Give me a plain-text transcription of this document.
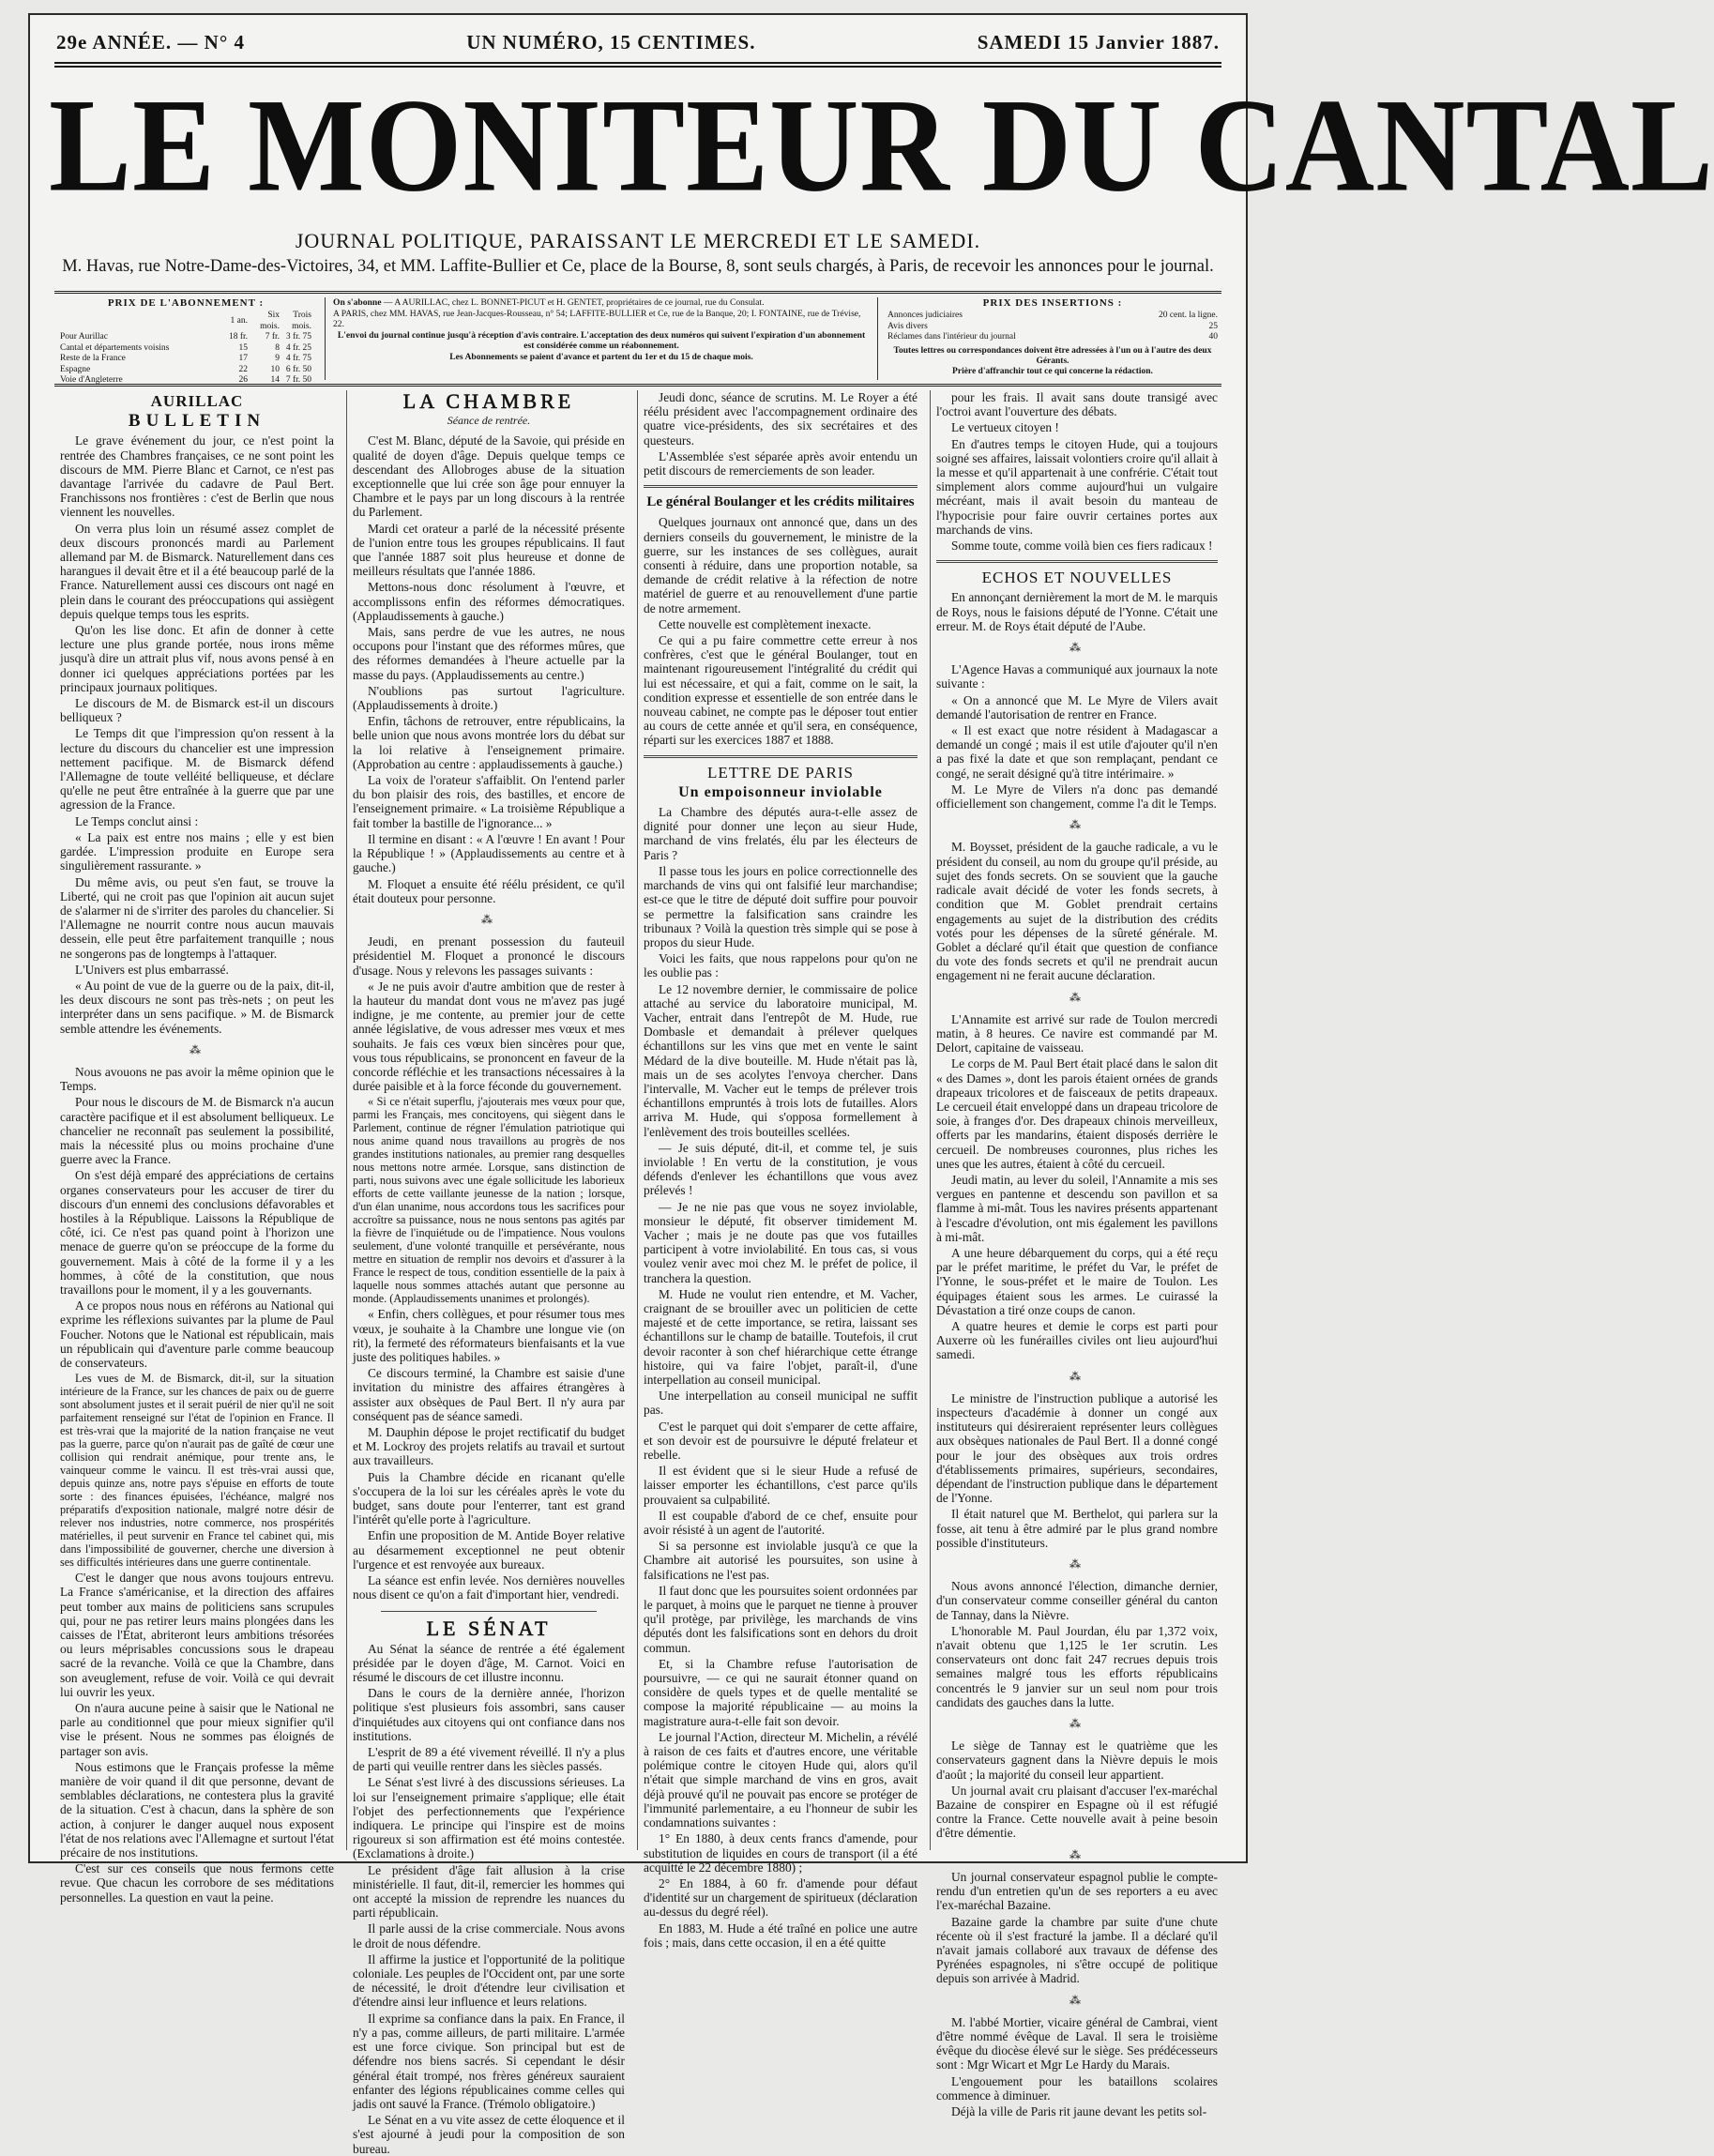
29e ANNÉE. — N° 4	UN NUMÉRO, 15 CENTIMES.	SAMEDI 15 Janvier 1887.
LE MONITEUR DU CANTAL
JOURNAL POLITIQUE, PARAISSANT LE MERCREDI ET LE SAMEDI.
M. Havas, rue Notre-Dame-des-Victoires, 34, et MM. Laffite-Bullier et Ce, place de la Bourse, 8, sont seuls chargés, à Paris, de recevoir les annonces pour le journal.
PRIX DE L'ABONNEMENT :
	1 an.	Six mois.	Trois mois.
Pour Aurillac	18 fr.	7 fr.	3 fr. 75
Cantal et départements voisins	15	8	4 fr. 25
Reste de la France	17	9	4 fr. 75
Espagne	22	10	6 fr. 50
Voie d'Angleterre	26	14	7 fr. 50
On s'abonne — A AURILLAC, chez L. BONNET-PICUT et H. GENTET, propriétaires de ce journal, rue du Consulat.
A PARIS, chez MM. HAVAS, rue Jean-Jacques-Rousseau, n° 54; LAFFITE-BULLIER et Ce, rue de la Banque, 20; I. FONTAINE, rue de Trévise, 22.
L'envoi du journal continue jusqu'à réception d'avis contraire. L'acceptation des deux numéros qui suivent l'expiration d'un abonnement est considérée comme un réabonnement.
Les Abonnements se paient d'avance et partent du 1er et du 15 de chaque mois.
PRIX DES INSERTIONS :
Annonces judiciaires	20 cent. la ligne.
Avis divers	25
Réclames dans l'intérieur du journal	40
Toutes lettres ou correspondances doivent être adressées à l'un ou à l'autre des deux Gérants.
Prière d'affranchir tout ce qui concerne la rédaction.
AURILLAC
BULLETIN

Le grave événement du jour, ce n'est point la rentrée des Chambres françaises, ce ne sont point les discours de MM. Pierre Blanc et Carnot, ce n'est pas davantage l'arrivée du cadavre de Paul Bert. Franchissons nos frontières : c'est de Berlin que nous viennent les nouvelles.

On verra plus loin un résumé assez complet de deux discours prononcés mardi au Parlement allemand par M. de Bismarck. Naturellement dans ces harangues il devait être et il a été beaucoup parlé de la France. Naturellement aussi ces discours ont nagé en plein dans le courant des préoccupations qui assiègent depuis quelque temps tous les esprits.

Qu'on les lise donc. Et afin de donner à cette lecture une plus grande portée, nous irons même jusqu'à dire un attrait plus vif, nous avons pensé à en donner ici quelques appréciations portées par les principaux journaux politiques.

Le discours de M. de Bismarck est-il un discours belliqueux ?

Le Temps dit que l'impression qu'on ressent à la lecture du discours du chancelier est une impression nettement pacifique. M. de Bismarck défend l'Allemagne de toute velléité belliqueuse, et déclare qu'elle ne peut être entraînée à la guerre que par une agression de la France.

Le Temps conclut ainsi :

« La paix est entre nos mains ; elle y est bien gardée. L'impression produite en Europe sera singulièrement rassurante. »

Du même avis, ou peut s'en faut, se trouve la Liberté, qui ne croit pas que l'opinion ait aucun sujet de s'alarmer ni de s'irriter des paroles du chancelier. Si l'Allemagne ne nourrit contre nous aucun mauvais dessein, elle peut être parfaitement tranquille ; nous ne songerons pas de longtemps à l'attaquer.

L'Univers est plus embarrassé.

« Au point de vue de la guerre ou de la paix, dit-il, les deux discours ne sont pas très-nets ; on peut les interpréter dans un sens pacifique. » M. de Bismarck semble attendre les événements.

⁂

Nous avouons ne pas avoir la même opinion que le Temps.

Pour nous le discours de M. de Bismarck n'a aucun caractère pacifique et il est absolument belliqueux. Le chancelier ne reconnaît pas seulement la possibilité, mais la nécessité plus ou moins prochaine d'une guerre avec la France.

On s'est déjà emparé des appréciations de certains organes conservateurs pour les accuser de tirer du discours d'un ennemi des conclusions défavorables et hostiles à la République. Laissons la République de côté, ici. Ce n'est pas quand point à l'horizon une menace de guerre qu'on se préoccupe de la forme du gouvernement. Mais à côté de la forme il y a les hommes, à côté de la constitution, que nous travaillons pour le moment, il y a les gouvernants.

A ce propos nous nous en référons au National qui exprime les réflexions suivantes par la plume de Paul Foucher. Notons que le National est républicain, mais un républicain qui d'aventure parle comme beaucoup de conservateurs.

Les vues de M. de Bismarck, dit-il, sur la situation intérieure de la France, sur les chances de paix ou de guerre sont absolument justes et il serait puéril de nier qu'il ne soit parfaitement renseigné sur l'état de l'opinion en France. Il est très-vrai que la majorité de la nation française ne veut pas la guerre, parce qu'on n'aurait pas de gaîté de cœur une collision qui rendrait anémique, pour trente ans, le vainqueur comme le vaincu. Il est très-vrai aussi que, depuis quinze ans, notre pays s'épuise en efforts de toute sorte : des finances épuisées, l'échéance, malgré nos préparatifs d'exposition nationale, malgré notre désir de relever nos industries, notre commerce, nos prospérités matérielles, il peut survenir en France tel cabinet qui, mis dans l'impossibilité de gouverner, cherche une diversion à ses difficultés intérieures dans une guerre continentale.

C'est le danger que nous avons toujours entrevu. La France s'américanise, et la direction des affaires peut tomber aux mains de politiciens sans scrupules qui, pour ne pas retirer leurs mains plongées dans les caisses de l'État, abriteront leurs ambitions trésorées ou leurs méprisables concussions sous le drapeau sacré de la revanche. Voilà ce que la Chambre, dans son aveuglement, refuse de voir. Voilà ce qui devrait lui ouvrir les yeux.

On n'aura aucune peine à saisir que le National ne parle au conditionnel que pour mieux signifier qu'il vise le présent. Nous ne sommes pas éloignés de partager son avis.

Nous estimons que le Français professe la même manière de voir quand il dit que personne, devant de semblables déclarations, ne contestera plus la gravité de la situation. C'est à chacun, dans la sphère de son action, à conjurer le danger auquel nous exposent l'état de nos relations avec l'Allemagne et surtout l'état précaire de nos institutions.

C'est sur ces conseils que nous fermons cette revue. Que chacun les corrobore de ses méditations personnelles. La question en vaut la peine.

LA CHAMBRE
Séance de rentrée.

C'est M. Blanc, député de la Savoie, qui préside en qualité de doyen d'âge. Depuis quelque temps ce descendant des Allobroges abuse de la situation exceptionnelle que lui crée son âge pour ennuyer la Chambre et le pays par un long discours à la rentrée du Parlement.

Mardi cet orateur a parlé de la nécessité présente de l'union entre tous les groupes républicains. Il faut que l'année 1887 soit plus heureuse et donne de meilleurs résultats que l'année 1886.

Mettons-nous donc résolument à l'œuvre, et accomplissons enfin des réformes démocratiques. (Applaudissements à gauche.)

Mais, sans perdre de vue les autres, ne nous occupons pour l'instant que des réformes mûres, que des réformes demandées à l'heure actuelle par la masse du pays. (Applaudissements au centre.)

N'oublions pas surtout l'agriculture. (Applaudissements à droite.)

Enfin, tâchons de retrouver, entre républicains, la belle union que nous avons montrée lors du débat sur la loi relative à l'enseignement primaire. (Approbation au centre : applaudissements à gauche.)

La voix de l'orateur s'affaiblit. On l'entend parler du bon plaisir des rois, des bastilles, et encore de l'enseignement primaire. « La troisième République a fait tomber la bastille de l'ignorance... »

Il termine en disant : « A l'œuvre ! En avant ! Pour la République ! » (Applaudissements au centre et à gauche.)

M. Floquet a ensuite été réélu président, ce qu'il était douteux pour personne.

⁂

Jeudi, en prenant possession du fauteuil présidentiel M. Floquet a prononcé le discours d'usage. Nous y relevons les passages suivants :

« Je ne puis avoir d'autre ambition que de rester à la hauteur du mandat dont vous ne m'avez pas jugé indigne, je me contente, au premier jour de cette année législative, de vous adresser mes vœux et mes souhaits. Je fais ces vœux bien sincères pour que, vous tous républicains, se prononcent en faveur de la concorde réfléchie et les transactions nécessaires à la durée paisible et à la force féconde du gouvernement.

« Si ce n'était superflu, j'ajouterais mes vœux pour que, parmi les Français, mes concitoyens, qui siègent dans le Parlement, continue de régner l'émulation patriotique qui nous anime quand nous travaillons au progrès de nos grandes institutions nationales, au premier rang desquelles nous mettons notre armée. Lorsque, sans distinction de parti, nous suivons avec une égale sollicitude les laborieux efforts de cette vaillante jeunesse de la nation ; lorsque, d'un élan unanime, nous accordons tous les sacrifices pour accroître sa puissance, nous ne nous sentons pas agités par la fièvre de l'inquiétude ou de l'impatience. Nous voulons seulement, d'une volonté tranquille et persévérante, nous mettre en situation de remplir nos devoirs et d'assurer à la France le respect de tous, condition essentielle de la paix à laquelle nous sommes attachés autant que personne au monde. (Applaudissements unanimes et prolongés).

« Enfin, chers collègues, et pour résumer tous mes vœux, je souhaite à la Chambre une longue vie (on rit), la fermeté des réformateurs bienfaisants et la vue juste des politiques habiles. »

Ce discours terminé, la Chambre est saisie d'une invitation du ministre des affaires étrangères à assister aux obsèques de Paul Bert. Il n'y aura par conséquent pas de séance samedi.

M. Dauphin dépose le projet rectificatif du budget et M. Lockroy des projets relatifs au travail et surtout aux travailleurs.

Puis la Chambre décide en ricanant qu'elle s'occupera de la loi sur les céréales après le vote du budget, sans doute pour l'enterrer, tant est grand l'intérêt qu'elle porte à l'agriculture.

Enfin une proposition de M. Antide Boyer relative au désarmement exceptionnel ne peut obtenir l'urgence et est renvoyée aux bureaux.

La séance est enfin levée. Nos dernières nouvelles nous disent ce qu'on a fait d'important hier, vendredi.

LE SÉNAT

Au Sénat la séance de rentrée a été également présidée par le doyen d'âge, M. Carnot. Voici en résumé le discours de cet illustre inconnu.

Dans le cours de la dernière année, l'horizon politique s'est plusieurs fois assombri, sans causer d'inquiétudes aux citoyens qui ont confiance dans nos institutions.

L'esprit de 89 a été vivement réveillé. Il n'y a plus de parti qui veuille rentrer dans les siècles passés.

Le Sénat s'est livré à des discussions sérieuses. La loi sur l'enseignement primaire s'applique; elle était l'objet des perfectionnements que l'expérience indiquera. Le principe qui l'inspire est de moins rigoureux si son affirmation est été moins contestée. (Exclamations à droite.)

Le président d'âge fait allusion à la crise ministérielle. Il faut, dit-il, remercier les hommes qui ont accepté la mission de reprendre les nuances du parti républicain.

Il parle aussi de la crise commerciale. Nous avons le droit de nous défendre.

Il affirme la justice et l'opportunité de la politique coloniale. Les peuples de l'Occident ont, par une sorte de nécessité, le droit d'étendre leur civilisation et d'étendre ainsi leur influence et leurs relations.

Il exprime sa confiance dans la paix. En France, il n'y a pas, comme ailleurs, de parti militaire. L'armée est une force civique. Son principal but est de défendre nos biens sacrés. Si cependant le désir général était trompé, nos frères généreux sauraient enfanter des légions républicaines comme celles qui jadis ont sauvé la France. (Trémolo obligatoire.)

Le Sénat en a vu vite assez de cette éloquence et il s'est ajourné à jeudi pour la composition de son bureau.

Jeudi donc, séance de scrutins. M. Le Royer a été réélu président avec l'accompagnement ordinaire des quatre vice-présidents, des six secrétaires et des questeurs.

L'Assemblée s'est séparée après avoir entendu un petit discours de remerciements de son leader.

Le général Boulanger et les crédits militaires

Quelques journaux ont annoncé que, dans un des derniers conseils du gouvernement, le ministre de la guerre, sur les instances de ses collègues, aurait consenti à réduire, dans une proportion notable, sa demande de crédit relative à la réfection de notre matériel de guerre et au renouvellement d'une partie de notre armement.

Cette nouvelle est complètement inexacte.

Ce qui a pu faire commettre cette erreur à nos confrères, c'est que le général Boulanger, tout en maintenant rigoureusement l'intégralité du crédit qui lui est nécessaire, et qui a fait, comme on le sait, la condition expresse et essentielle de son entrée dans le nouveau cabinet, ne compte pas le déposer tout entier au cours de cette année et qu'il sera, en conséquence, réparti sur les exercices 1887 et 1888.

LETTRE DE PARIS
Un empoisonneur inviolable

La Chambre des députés aura-t-elle assez de dignité pour donner une leçon au sieur Hude, marchand de vins frelatés, élu par les électeurs de Paris ?

Il passe tous les jours en police correctionnelle des marchands de vins qui ont falsifié leur marchandise; est-ce que le titre de député doit suffire pour pouvoir se permettre la falsification sans craindre les tribunaux ? Voilà la question très simple qui se pose à propos du sieur Hude.

Voici les faits, que nous rappelons pour qu'on ne les oublie pas :

Le 12 novembre dernier, le commissaire de police attaché au service du laboratoire municipal, M. Vacher, entrait dans l'entrepôt de M. Hude, rue Dombasle et demandait à prélever quelques échantillons sur les vins que met en vente le saint Médard de la dive bouteille. M. Hude n'était pas là, mais un de ses acolytes l'envoya chercher. Dans l'intervalle, M. Vacher eut le temps de prélever trois échantillons empruntés à trois lots de futailles. Alors arriva M. Hude, qui s'opposa formellement à l'enlèvement des trois bouteilles scellées.

— Je suis député, dit-il, et comme tel, je suis inviolable ! En vertu de la constitution, je vous défends d'enlever les échantillons que vous avez prélevés !

— Je ne nie pas que vous ne soyez inviolable, monsieur le député, fit observer timidement M. Vacher ; mais je ne doute pas que vos futailles participent à votre inviolabilité. En tous cas, si vous voulez venir avec moi chez M. le préfet de police, il tranchera la question.

M. Hude ne voulut rien entendre, et M. Vacher, craignant de se brouiller avec un politicien de cette majesté et de cette importance, se retira, laissant ses échantillons sur le champ de bataille. Toutefois, il crut devoir raconter à son chef hiérarchique cette étrange histoire, qui va faire l'objet, paraît-il, d'une interpellation au conseil municipal.

Une interpellation au conseil municipal ne suffit pas.

C'est le parquet qui doit s'emparer de cette affaire, et son devoir est de poursuivre le député frelateur et rebelle.

Il est évident que si le sieur Hude a refusé de laisser emporter les échantillons, c'est parce qu'ils prouvaient sa culpabilité.

Il est coupable d'abord de ce chef, ensuite pour avoir résisté à un agent de l'autorité.

Si sa personne est inviolable jusqu'à ce que la Chambre ait autorisé les poursuites, son usine à falsifications ne l'est pas.

Il faut donc que les poursuites soient ordonnées par le parquet, à moins que le parquet ne tienne à prouver qu'il protège, par privilège, les marchands de vins députés dont les falsifications sont en dehors du droit commun.

Et, si la Chambre refuse l'autorisation de poursuivre, — ce qui ne saurait étonner quand on considère de quels types et de quelle mentalité se compose la majorité républicaine — au moins la magistrature aura-t-elle fait son devoir.

Le journal l'Action, directeur M. Michelin, a révélé à raison de ces faits et d'autres encore, une véritable polémique contre le citoyen Hude qui, alors qu'il n'était que simple marchand de vins en gros, avait déjà prouvé qu'il ne pouvait pas encore se protéger de l'immunité parlementaire, a eu l'honneur de subir les condamnations suivantes :

1° En 1880, à deux cents francs d'amende, pour substitution de liquides en cours de transport (il a été acquitté le 22 décembre 1880) ;

2° En 1884, à 60 fr. d'amende pour défaut d'identité sur un chargement de spiritueux (déclaration au-dessus du degré réel).

En 1883, M. Hude a été traîné en police une autre fois ; mais, dans cette occasion, il en a été quitte

pour les frais. Il avait sans doute transigé avec l'octroi avant l'ouverture des débats.

Le vertueux citoyen !

En d'autres temps le citoyen Hude, qui a toujours soigné ses affaires, laissait volontiers croire qu'il allait à la messe et qu'il appartenait à une confrérie. C'était tout simplement alors comme aujourd'hui un vulgaire mécréant, mais il avait besoin du manteau de l'hypocrisie pour faire ouvrir certaines portes aux marchands de vins.

Somme toute, comme voilà bien ces fiers radicaux !

ECHOS ET NOUVELLES

En annonçant dernièrement la mort de M. le marquis de Roys, nous le faisions député de l'Yonne. C'était une erreur. M. de Roys était député de l'Aube.

⁂

L'Agence Havas a communiqué aux journaux la note suivante :

« On a annoncé que M. Le Myre de Vilers avait demandé l'autorisation de rentrer en France.

« Il est exact que notre résident à Madagascar a demandé un congé ; mais il est utile d'ajouter qu'il n'en a pas fixé la date et que son remplaçant, pendant ce congé, ne serait désigné qu'à titre intérimaire. »

M. Le Myre de Vilers n'a donc pas demandé officiellement son changement, comme l'a dit le Temps.

⁂

M. Boysset, président de la gauche radicale, a vu le président du conseil, au nom du groupe qu'il préside, au sujet des fonds secrets. On se souvient que la gauche radicale avait décidé de voter les fonds secrets, à condition que M. Goblet prendrait certains engagements au sujet de la distribution des crédits votés pour les dépenses de la sûreté générale. M. Goblet a déclaré qu'il était que question de confiance du vote des fonds secrets et qu'il ne prendrait aucun engagement ni ne ferait aucune déclaration.

⁂

L'Annamite est arrivé sur rade de Toulon mercredi matin, à 8 heures. Ce navire est commandé par M. Delort, capitaine de vaisseau.

Le corps de M. Paul Bert était placé dans le salon dit « des Dames », dont les parois étaient ornées de grands drapeaux tricolores et de faisceaux de petits drapeaux. Le cercueil était enveloppé dans un drapeau tricolore de soie, à franges d'or. Des drapeaux chinois merveilleux, offerts par les mandarins, étaient disposés derrière le cercueil. De nombreuses couronnes, plus riches les unes que les autres, étaient à côté du cercueil.

Jeudi matin, au lever du soleil, l'Annamite a mis ses vergues en pantenne et descendu son pavillon et sa flamme à mi-mât. Tous les navires présents appartenant à l'escadre d'évolution, ont mis également les pavillons à mi-mât.

A une heure débarquement du corps, qui a été reçu par le préfet maritime, le préfet du Var, le préfet de l'Yonne, le sous-préfet et le maire de Toulon. Les équipages étaient sous les armes. Le cuirassé la Dévastation a tiré onze coups de canon.

A quatre heures et demie le corps est parti pour Auxerre où les funérailles civiles ont lieu aujourd'hui samedi.

⁂

Le ministre de l'instruction publique a autorisé les inspecteurs d'académie à donner un congé aux instituteurs qui désireraient représenter leurs collègues aux obsèques nationales de Paul Bert. Il a donné congé pour le jour des obsèques aux trois ordres d'établissements primaires, supérieurs, secondaires, dépendant de l'instruction publique dans le département de l'Yonne.

Il était naturel que M. Berthelot, qui parlera sur la fosse, ait tenu à être admiré par le plus grand nombre possible d'instituteurs.

⁂

Nous avons annoncé l'élection, dimanche dernier, d'un conservateur comme conseiller général du canton de Tannay, dans la Nièvre.

L'honorable M. Paul Jourdan, élu par 1,372 voix, n'avait obtenu que 1,125 le 1er scrutin. Les conservateurs ont donc fait 247 recrues depuis trois semaines malgré tous les efforts républicains concentrés le 9 janvier sur un seul nom pour trois candidats des gauches dans la lutte.

⁂

Le siège de Tannay est le quatrième que les conservateurs gagnent dans la Nièvre depuis le mois d'août ; la majorité du conseil leur appartient.

Un journal avait cru plaisant d'accuser l'ex-maréchal Bazaine de conspirer en Espagne où il est réfugié contre la France. Cette nouvelle avait à peine besoin d'être démentie.

⁂

Un journal conservateur espagnol publie le compte-rendu d'un entretien qu'un de ses reporters a eu avec l'ex-maréchal Bazaine.

Bazaine garde la chambre par suite d'une chute récente où il s'est fracturé la jambe. Il a déclaré qu'il n'avait jamais collaboré aux travaux de défense des Pyrénées espagnoles, ni s'être occupé de politique depuis son arrivée à Madrid.

⁂

M. l'abbé Mortier, vicaire général de Cambrai, vient d'être nommé évêque de Laval. Il sera le troisième évêque du diocèse élevé sur le siège. Ses prédécesseurs sont : Mgr Wicart et Mgr Le Hardy du Marais.

L'engouement pour les bataillons scolaires commence à diminuer.

Déjà la ville de Paris rit jaune devant les petits sol-
